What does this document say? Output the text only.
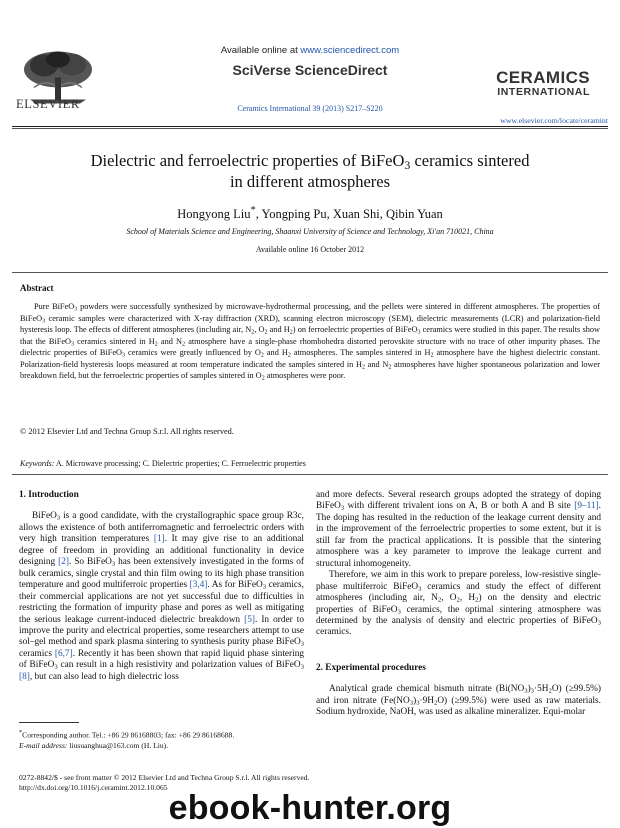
ELSEVIER
Available online at www.sciencedirect.com
SciVerse ScienceDirect
Ceramics International 39 (2013) S217–S220
CERAMICS
INTERNATIONAL
www.elsevier.com/locate/ceramint
Dielectric and ferroelectric properties of BiFeO$_3$ ceramics sintered
in different atmospheres
Hongyong Liu*, Yongping Pu, Xuan Shi, Qibin Yuan
School of Materials Science and Engineering, Shaanxi University of Science and Technology, Xi'an 710021, China
Available online 16 October 2012
Abstract
Pure BiFeO$_3$ powders were successfully synthesized by microwave-hydrothermal processing, and the pellets were sintered in different atmospheres. The properties of BiFeO$_3$ ceramic samples were characterized with X-ray diffraction (XRD), scanning electron microscopy (SEM), dielectric measurements (LCR) and polarization-field hysteresis loop. The effects of different atmospheres (including air, $N_2$, $O_2$ and $H_2$) on ferroelectric properties of BiFeO$_3$ ceramics were studied in this paper. The results show that the BiFeO$_3$ ceramics sintered in $H_2$ and $N_2$ atmosphere have a single-phase rhombohedra distorted perovskite structure with no trace of other impurity phases. The dielectric properties of BiFeO$_3$ ceramics were greatly influenced by $O_2$ and $H_2$ atmospheres. The samples sintered in $H_2$ atmosphere have the highest dielectric constant. Polarization-field hysteresis loops measured at room temperature indicated the samples sintered in $H_2$ and $N_2$ atmospheres have higher spontaneous polarization and lower breakdown field, but the ferroelectric properties of samples sintered in $O_2$ atmospheres were poor.
© 2012 Elsevier Ltd and Techna Group S.r.l. All rights reserved.
Keywords: A. Microwave processing; C. Dielectric properties; C. Ferroelectric properties
1. Introduction

BiFeO$_3$ is a good candidate, with the crystallographic space group R3c, allows the existence of both antiferromagnetic and ferroelectric orders with very high transition temperatures [1]. It may give rise to an additional degree of freedom in providing an additional functionality in device designing [2]. So BiFeO$_3$ has been extensively investigated in the forms of bulk ceramics, single crystal and thin film owing to its high phase transition temperature and good multiferroic properties [3,4]. As for BiFeO$_3$ ceramics, their commercial applications are not yet successful due to difficulties in restricting the formation of impurity phase and pores as well as mitigating the serious leakage current-induced dielectric breakdown [5]. In order to improve the purity and electrical properties, some researchers attempt to use sol–gel method and spark plasma sintering to synthesis purity phase BiFeO$_3$ ceramics [6,7]. Recently it has been shown that rapid liquid phase sintering of BiFeO$_3$ can result in a high resistivity and polarization values of BiFeO$_3$ [8], but can also lead to high dielectric loss

and more defects. Several research groups adopted the strategy of doping BiFeO$_3$ with different trivalent ions on A, B or both A and B site [9–11]. The doping has resulted in the reduction of the leakage current density and in the improvement of the ferroelectric properties to some extent, but it is still far from the practical applications. It is possible that the sintering atmosphere was a key parameter to improve the leakage current and structural inhomogeneity.

Therefore, we aim in this work to prepare poreless, low-resistive single-phase multiferroic BiFeO$_3$ ceramics and study the effect of different atmospheres (including air, $N_2$, $O_2$, $H_2$) on the density and electric properties of BiFeO$_3$ ceramics, the optimal sintering atmosphere was determined by the analysis of density and electric properties of BiFeO$_3$ ceramics.

2. Experimental procedures

Analytical grade chemical bismuth nitrate $(Bi(NO_3)_3\cdot 5H_2O)$ (≥99.5%) and iron nitrate $(Fe(NO_3)_3\cdot 9H_2O)$ (≥99.5%) were used as raw materials. Sodium hydroxide, NaOH, was used as alkaline mineralizer. Equi-molar

*Corresponding author. Tel.: +86 29 86168803; fax: +86 29 86168688.
E-mail address: liusuanghua@163.com (H. Liu).
0272-8842/$ - see front matter © 2012 Elsevier Ltd and Techna Group S.r.l. All rights reserved.
http://dx.doi.org/10.1016/j.ceramint.2012.10.065
ebook-hunter.org
